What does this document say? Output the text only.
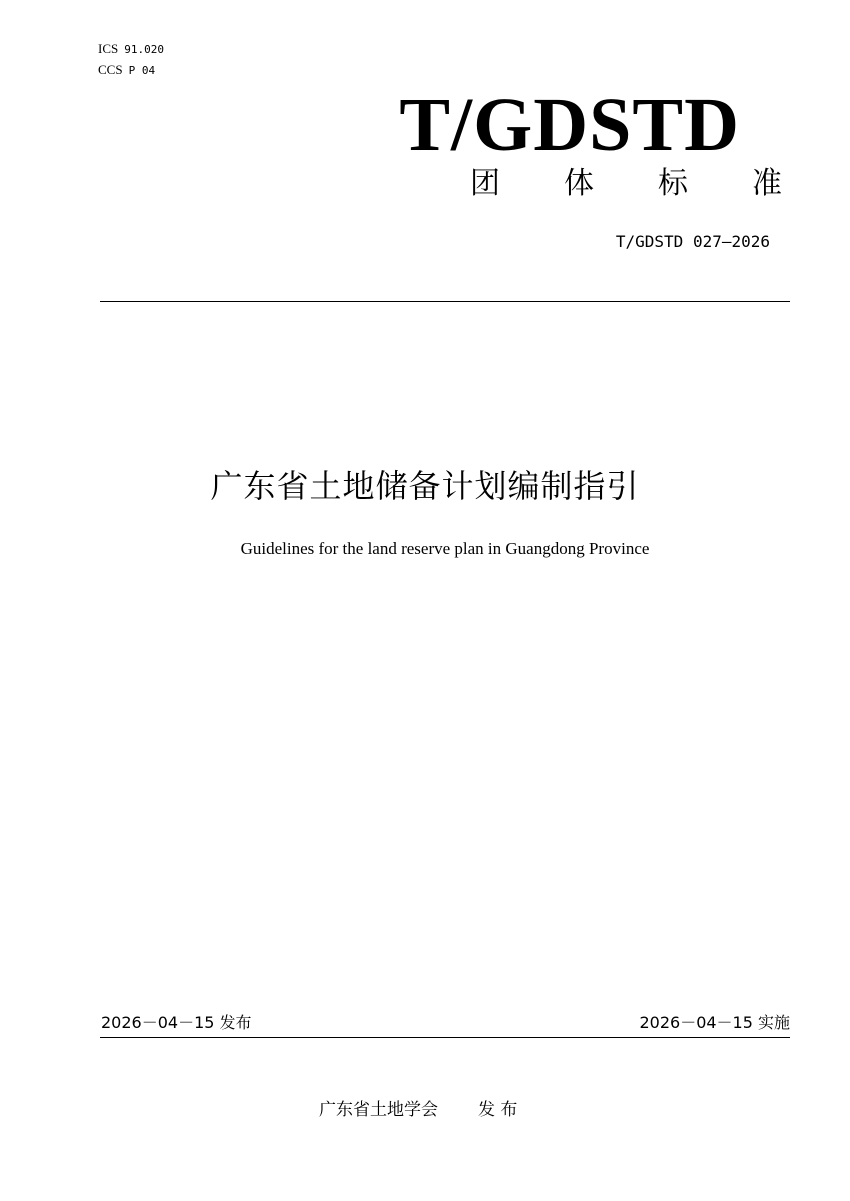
ICS 91.020
CCS P 04
T/GDSTD
团 体 标 准
T/GDSTD 027—2026
广东省土地储备计划编制指引
Guidelines for the land reserve plan in Guangdong Province
2026－04－15 发布	2026－04－15 实施
广东省土地学会 发 布
